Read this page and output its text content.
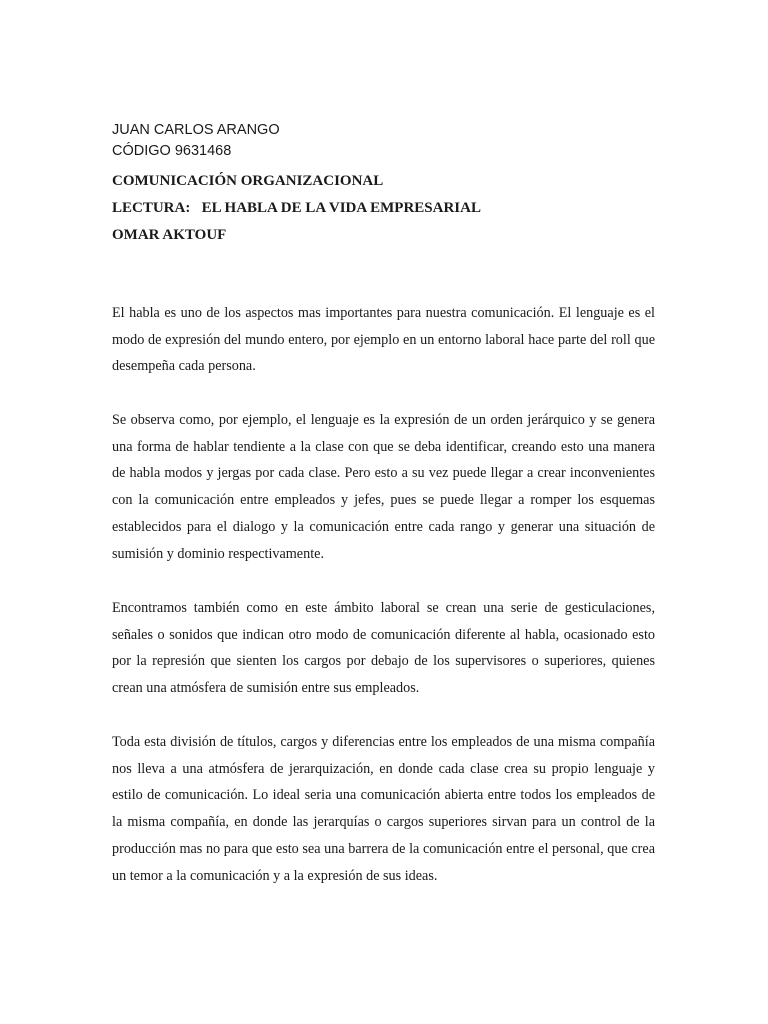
JUAN CARLOS ARANGO

CÓDIGO 9631468

COMUNICACIÓN ORGANIZACIONAL

LECTURA:   EL HABLA DE LA VIDA EMPRESARIAL

OMAR AKTOUF

El habla es uno de los aspectos mas importantes para nuestra comunicación. El lenguaje es el modo de expresión del mundo entero, por ejemplo en un entorno laboral hace parte del roll que desempeña cada persona.

Se observa como, por ejemplo, el lenguaje es la expresión de un orden jerárquico y se genera una forma de hablar tendiente a la clase con que se deba identificar, creando esto una manera de habla modos y jergas por cada clase. Pero esto a su vez puede llegar a crear inconvenientes con la comunicación entre empleados y jefes, pues se puede llegar a romper los esquemas establecidos para el dialogo y la comunicación entre cada rango y generar una situación de sumisión y dominio respectivamente.

Encontramos también como en este ámbito laboral se crean una serie de gesticulaciones, señales o sonidos que indican otro modo de comunicación diferente al habla, ocasionado esto por la represión que sienten los cargos por debajo de los supervisores o superiores, quienes crean una atmósfera de sumisión entre sus empleados.

Toda esta división de títulos, cargos y diferencias entre los empleados de una misma compañía nos lleva a una atmósfera de jerarquización, en donde cada clase crea su propio lenguaje y estilo de comunicación. Lo ideal seria una comunicación abierta entre todos los empleados de la misma compañía, en donde las jerarquías o cargos superiores sirvan para un control de la producción mas no para que esto sea una barrera de la comunicación entre el personal, que crea un temor a la comunicación y a la expresión de sus ideas.
